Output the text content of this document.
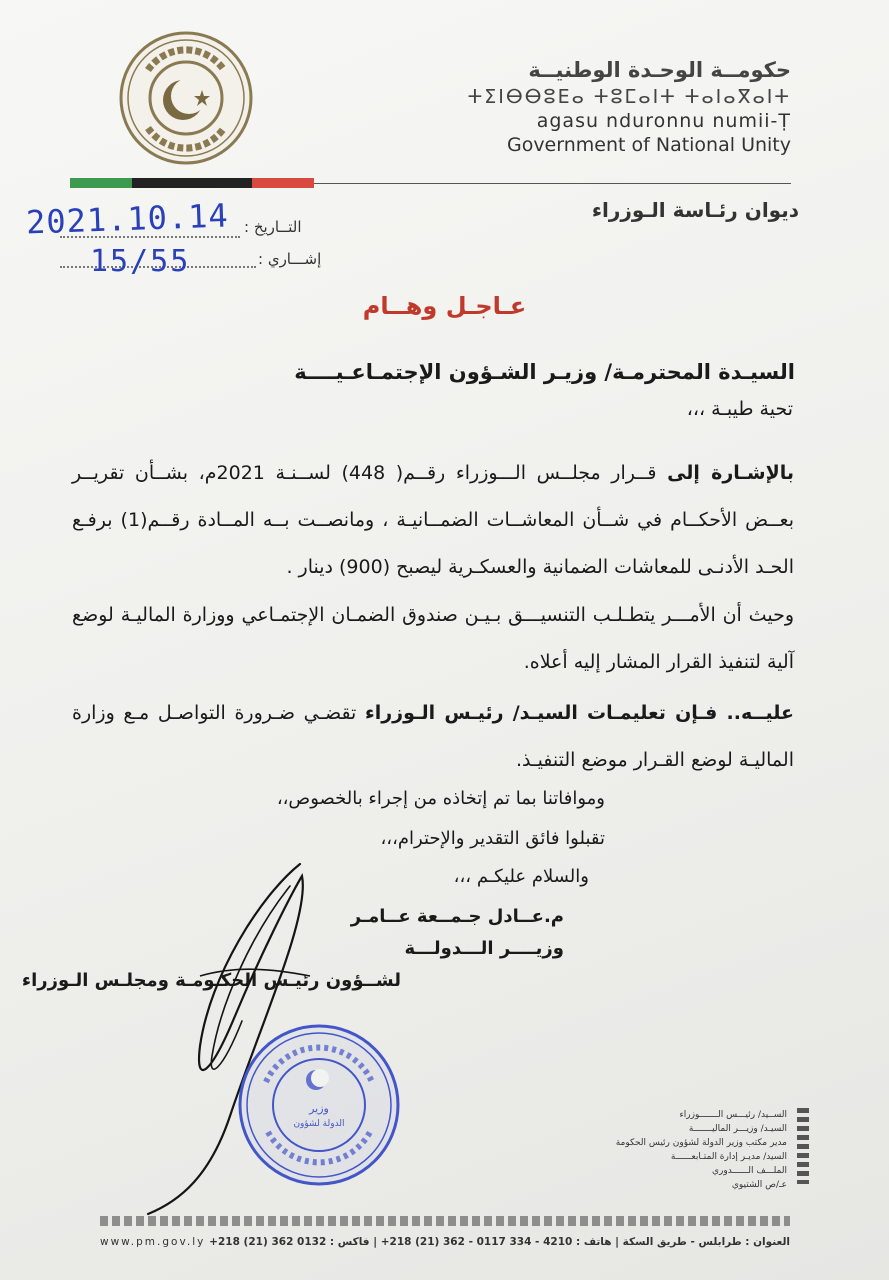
حكومــة الوحـدة الوطنيــة
ⵜⵉⵏⴱⴱⵓⴹⴰ ⵜⵓⵎⴰⵏⵜ ⵜⴰⵏⴰⴳⴰⵏⵜ
agasu nduronnu numii-Ṭ
Government of National Unity
ديوان رئـاسة الـوزراء
التــاريخ :
2021.10.14
إشـــاري :
15/55
عـاجـل وهــام
السيـدة المحترمـة/ وزيـر الشـؤون الإجتمـاعـيــــة
تحية طيبـة ،،،
بالإشـارة إلى قــرار مجلــس الـــوزراء رقــم( 448) لســنـة 2021م، بشــأن تقريــر بعــض الأحكــام في شــأن المعاشــات الضمــانيـة ، ومانصــت بــه المــادة رقــم(1) برفـع الحـد الأدنـى للمعاشات الضمانية والعسكـرية ليصبح (900) دينار .
وحيث أن الأمـــر يتطـلـب التنسيـــق بـيـن صندوق الضمـان الإجتمـاعي ووزارة الماليـة لوضع آلية لتنفيذ القرار المشار إليه أعلاه.
عليــه.. فـإن تعليمـات السيـد/ رئيـس الـوزراء تقضـي ضـرورة التواصـل مـع وزارة الماليـة لوضع القـرار موضع التنفيـذ.
وموافاتنا بما تم إتخاذه من إجراء بالخصوص،،
تقبلوا فائق التقدير والإحترام،،،
والسلام عليكـم ،،،
م.عــادل جـمــعة عــامـر
وزيــــر الـــدولـــة
لشــؤون رئيـس الحكـومـة ومجلـس الـوزراء
وزير
الدولة لشؤون
الســيد/ رئيـــس الـــــــوزراء
السيـد/ وزيـــر الماليـــــــة
مدير مكتب وزير الدولة لشؤون رئيس الحكومة
السيد/ مديـر إدارة المتـابعــــــة
الملـــف الــــــدوري
عـ/ص الشتيوي
www.pm.gov.ly العنوان : طرابلس - طريق السكة | هاتف : 4210 - 334 0117 - 362 (21) 218+ | فاكس : 0132 362 (21) 218+
